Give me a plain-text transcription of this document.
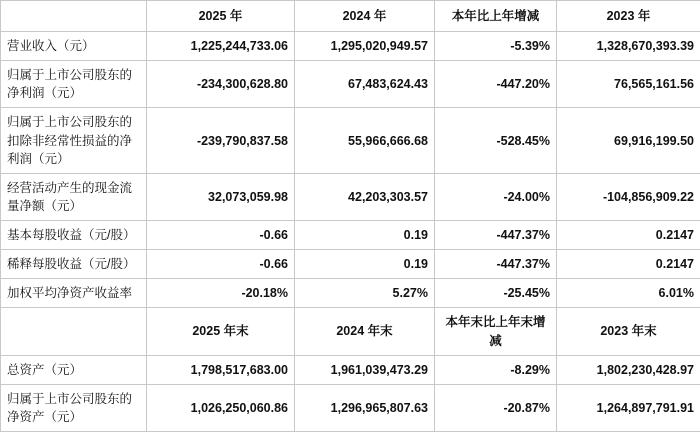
	2025 年	2024 年	本年比上年增减	2023 年
营业收入（元）	1,225,244,733.06	1,295,020,949.57	-5.39%	1,328,670,393.39
归属于上市公司股东的净利润（元）	-234,300,628.80	67,483,624.43	-447.20%	76,565,161.56
归属于上市公司股东的扣除非经常性损益的净利润（元）	-239,790,837.58	55,966,666.68	-528.45%	69,916,199.50
经营活动产生的现金流量净额（元）	32,073,059.98	42,203,303.57	-24.00%	-104,856,909.22
基本每股收益（元/股）	-0.66	0.19	-447.37%	0.2147
稀释每股收益（元/股）	-0.66	0.19	-447.37%	0.2147
加权平均净资产收益率	-20.18%	5.27%	-25.45%	6.01%
	2025 年末	2024 年末	本年末比上年末增减	2023 年末
总资产（元）	1,798,517,683.00	1,961,039,473.29	-8.29%	1,802,230,428.97
归属于上市公司股东的净资产（元）	1,026,250,060.86	1,296,965,807.63	-20.87%	1,264,897,791.91
